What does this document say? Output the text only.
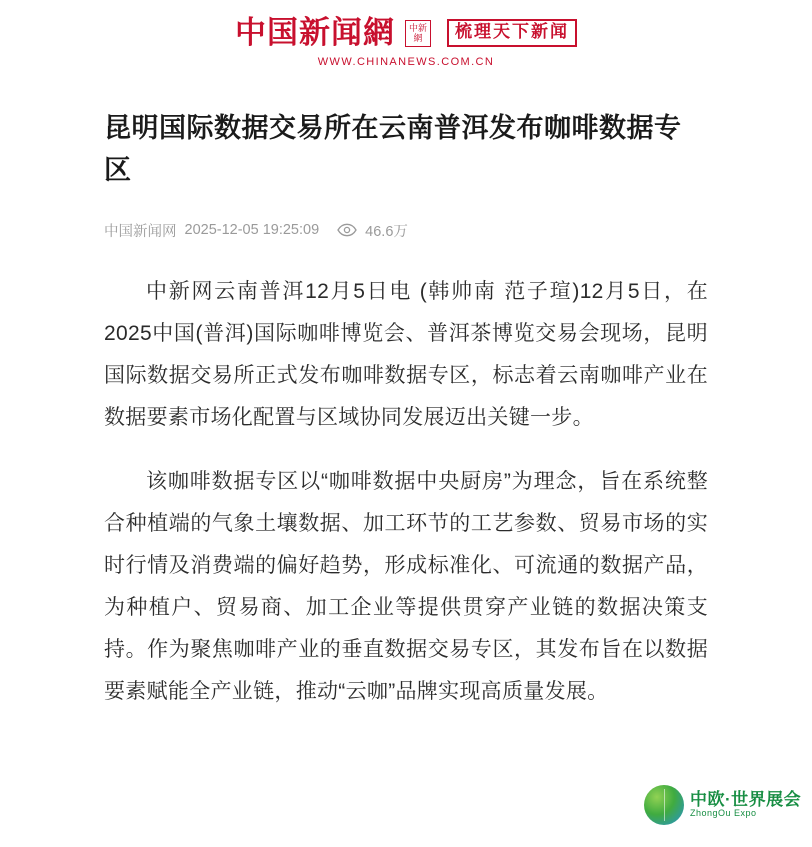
中国新闻網 中新
網	梳理天下新闻
WWW.CHINANEWS.COM.CN
昆明国际数据交易所在云南普洱发布咖啡数据专区
中国新闻网 2025-12-05 19:25:09	46.6万

中新网云南普洱12月5日电 (韩帅南 范子瑄)12月5日，在2025中国(普洱)国际咖啡博览会、普洱茶博览交易会现场，昆明国际数据交易所正式发布咖啡数据专区，标志着云南咖啡产业在数据要素市场化配置与区域协同发展迈出关键一步。

该咖啡数据专区以“咖啡数据中央厨房”为理念，旨在系统整合种植端的气象土壤数据、加工环节的工艺参数、贸易市场的实时行情及消费端的偏好趋势，形成标准化、可流通的数据产品，为种植户、贸易商、加工企业等提供贯穿产业链的数据决策支持。作为聚焦咖啡产业的垂直数据交易专区，其发布旨在以数据要素赋能全产业链，推动“云咖”品牌实现高质量发展。

中欧·世界展会
ZhongOu Expo
